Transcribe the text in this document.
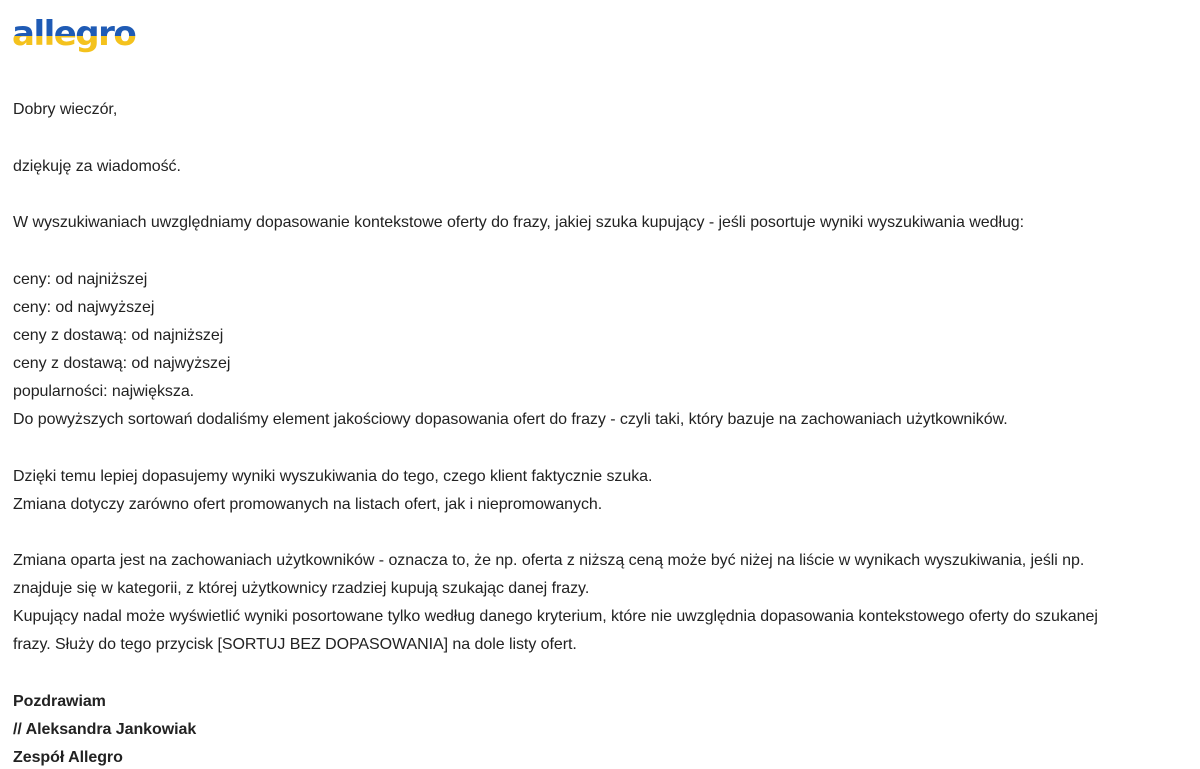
allegro
Dobry wieczór,
dziękuję za wiadomość.
W wyszukiwaniach uwzględniamy dopasowanie kontekstowe oferty do frazy, jakiej szuka kupujący - jeśli posortuje wyniki wyszukiwania według:
ceny: od najniższej
ceny: od najwyższej
ceny z dostawą: od najniższej
ceny z dostawą: od najwyższej
popularności: największa.
Do powyższych sortowań dodaliśmy element jakościowy dopasowania ofert do frazy - czyli taki, który bazuje na zachowaniach użytkowników.
Dzięki temu lepiej dopasujemy wyniki wyszukiwania do tego, czego klient faktycznie szuka.
Zmiana dotyczy zarówno ofert promowanych na listach ofert, jak i niepromowanych.
Zmiana oparta jest na zachowaniach użytkowników - oznacza to, że np. oferta z niższą ceną może być niżej na liście w wynikach wyszukiwania, jeśli np.
znajduje się w kategorii, z której użytkownicy rzadziej kupują szukając danej frazy.
Kupujący nadal może wyświetlić wyniki posortowane tylko według danego kryterium, które nie uwzględnia dopasowania kontekstowego oferty do szukanej
frazy. Służy do tego przycisk [SORTUJ BEZ DOPASOWANIA] na dole listy ofert.
Pozdrawiam
// Aleksandra Jankowiak
Zespół Allegro
